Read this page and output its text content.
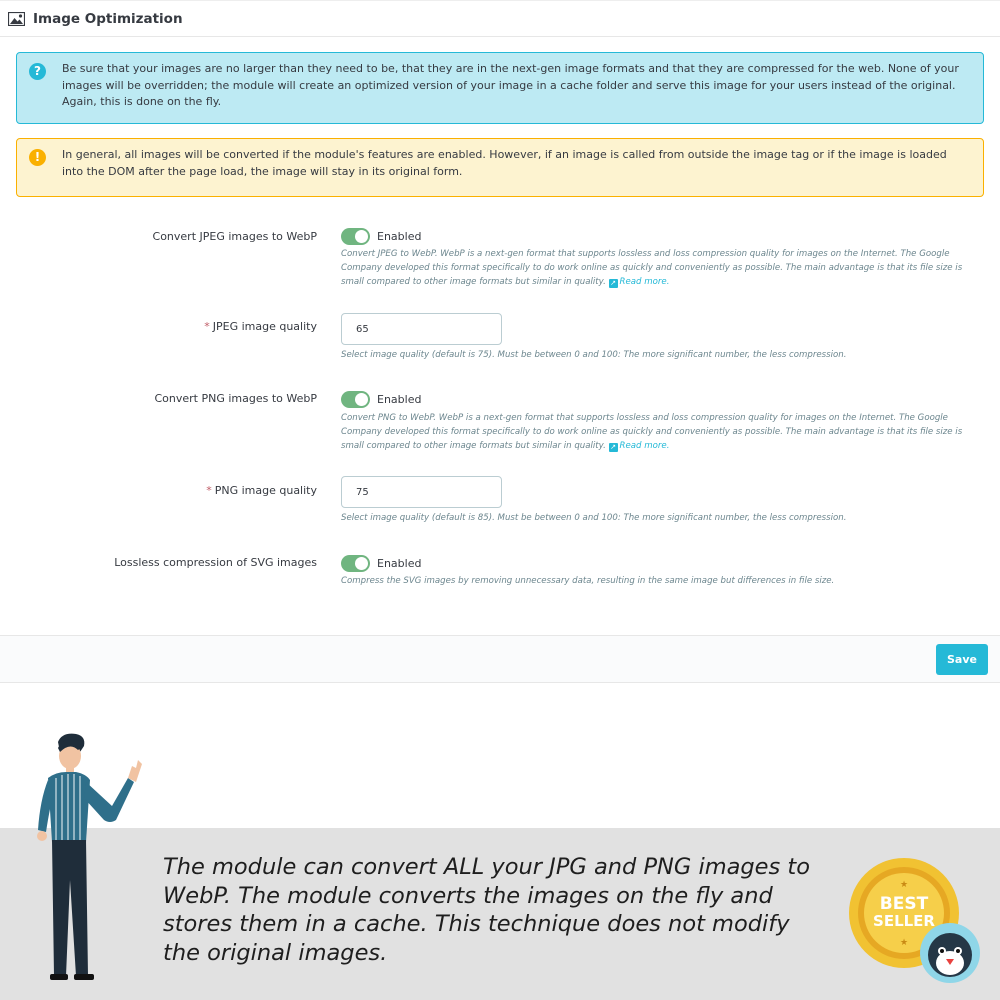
Image Optimization
?	Be sure that your images are no larger than they need to be, that they are in the next-gen image formats and that they are compressed for the web. None of your images will be overridden; the module will create an optimized version of your image in a cache folder and serve this image for your users instead of the original. Again, this is done on the fly.
!	In general, all images will be converted if the module's features are enabled. However, if an image is called from outside the image tag or if the image is loaded into the DOM after the page load, the image will stay in its original form.
Convert JPEG images to WebP	Enabled
Convert JPEG to WebP. WebP is a next-gen format that supports lossless and loss compression quality for images on the Internet. The Google Company developed this format specifically to do work online as quickly and conveniently as possible. The main advantage is that its file size is small compared to other image formats but similar in quality. ↗ Read more.
* JPEG image quality	65
Select image quality (default is 75). Must be between 0 and 100: The more significant number, the less compression.
Convert PNG images to WebP	Enabled
Convert PNG to WebP. WebP is a next-gen format that supports lossless and loss compression quality for images on the Internet. The Google Company developed this format specifically to do work online as quickly and conveniently as possible. The main advantage is that its file size is small compared to other image formats but similar in quality. ↗ Read more.
* PNG image quality	75
Select image quality (default is 85). Must be between 0 and 100: The more significant number, the less compression.
Lossless compression of SVG images	Enabled
Compress the SVG images by removing unnecessary data, resulting in the same image but differences in file size.
Save
The module can convert ALL your JPG and PNG images to WebP. The module converts the images on the fly and stores them in a cache. This technique does not modify the original images.
BEST
SELLER
★
★
